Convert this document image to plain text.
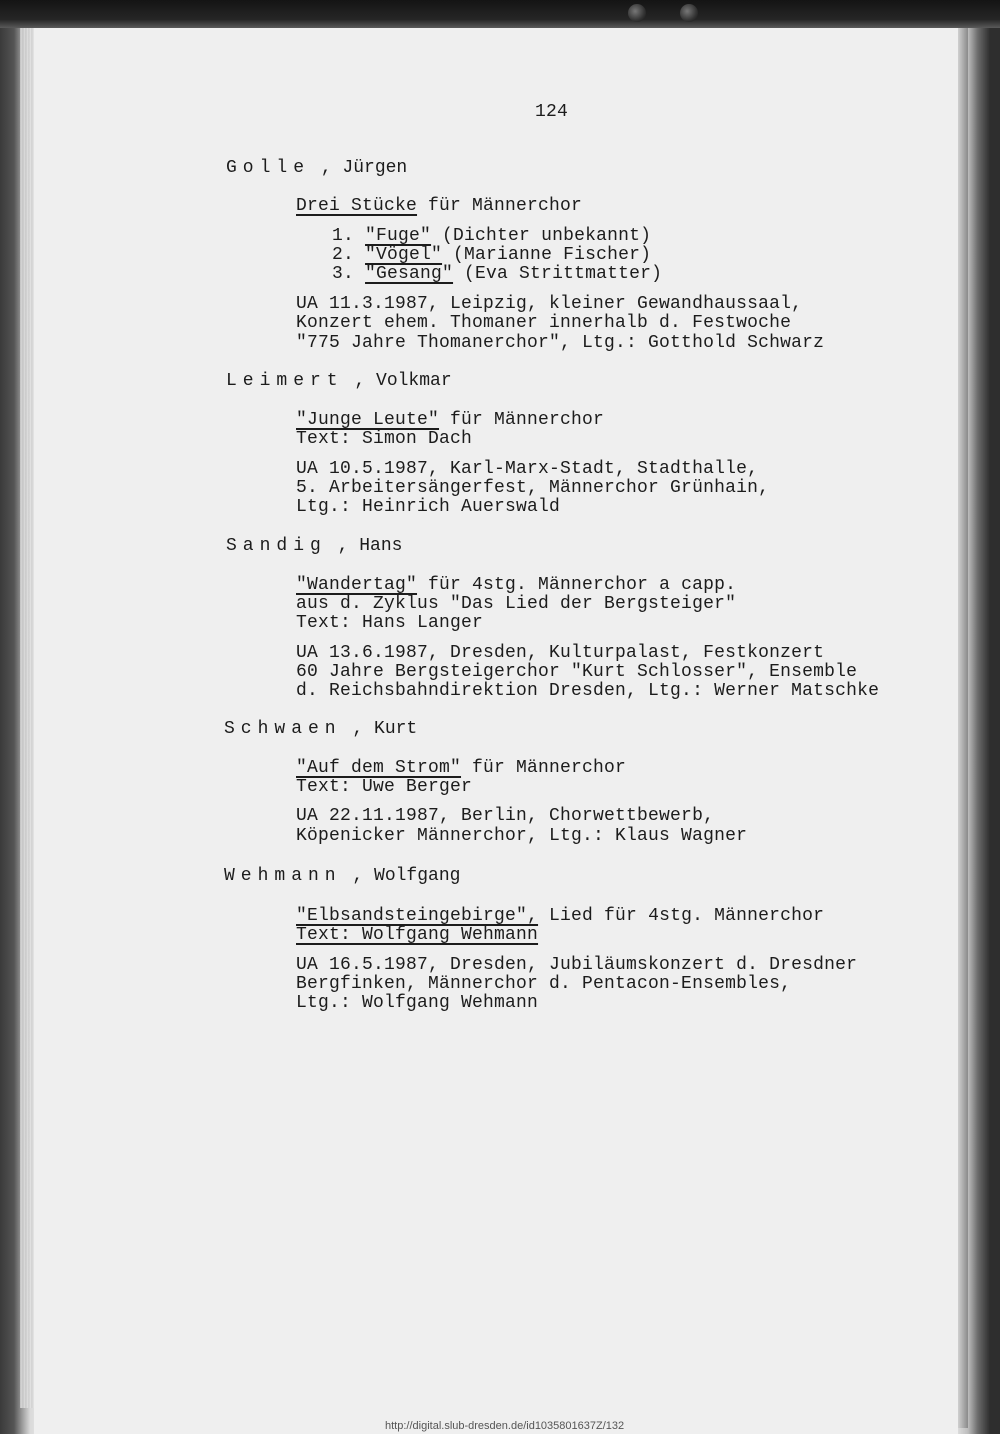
124
Golle , Jürgen
Drei Stücke für Männerchor
1. "Fuge" (Dichter unbekannt)
2. "Vögel" (Marianne Fischer)
3. "Gesang" (Eva Strittmatter)
UA 11.3.1987, Leipzig, kleiner Gewandhaussaal,
Konzert ehem. Thomaner innerhalb d. Festwoche
"775 Jahre Thomanerchor", Ltg.: Gotthold Schwarz
Leimert , Volkmar
"Junge Leute" für Männerchor
Text: Simon Dach
UA 10.5.1987, Karl-Marx-Stadt, Stadthalle,
5. Arbeitersängerfest, Männerchor Grünhain,
Ltg.: Heinrich Auerswald
Sandig , Hans
"Wandertag" für 4stg. Männerchor a capp.
aus d. Zyklus "Das Lied der Bergsteiger"
Text: Hans Langer
UA 13.6.1987, Dresden, Kulturpalast, Festkonzert
60 Jahre Bergsteigerchor "Kurt Schlosser", Ensemble
d. Reichsbahndirektion Dresden, Ltg.: Werner Matschke
Schwaen , Kurt
"Auf dem Strom" für Männerchor
Text: Uwe Berger
UA 22.11.1987, Berlin, Chorwettbewerb,
Köpenicker Männerchor, Ltg.: Klaus Wagner
Wehmann , Wolfgang
"Elbsandsteingebirge", Lied für 4stg. Männerchor
Text: Wolfgang Wehmann
UA 16.5.1987, Dresden, Jubiläumskonzert d. Dresdner
Bergfinken, Männerchor d. Pentacon-Ensembles,
Ltg.: Wolfgang Wehmann
http://digital.slub-dresden.de/id1035801637Z/132
